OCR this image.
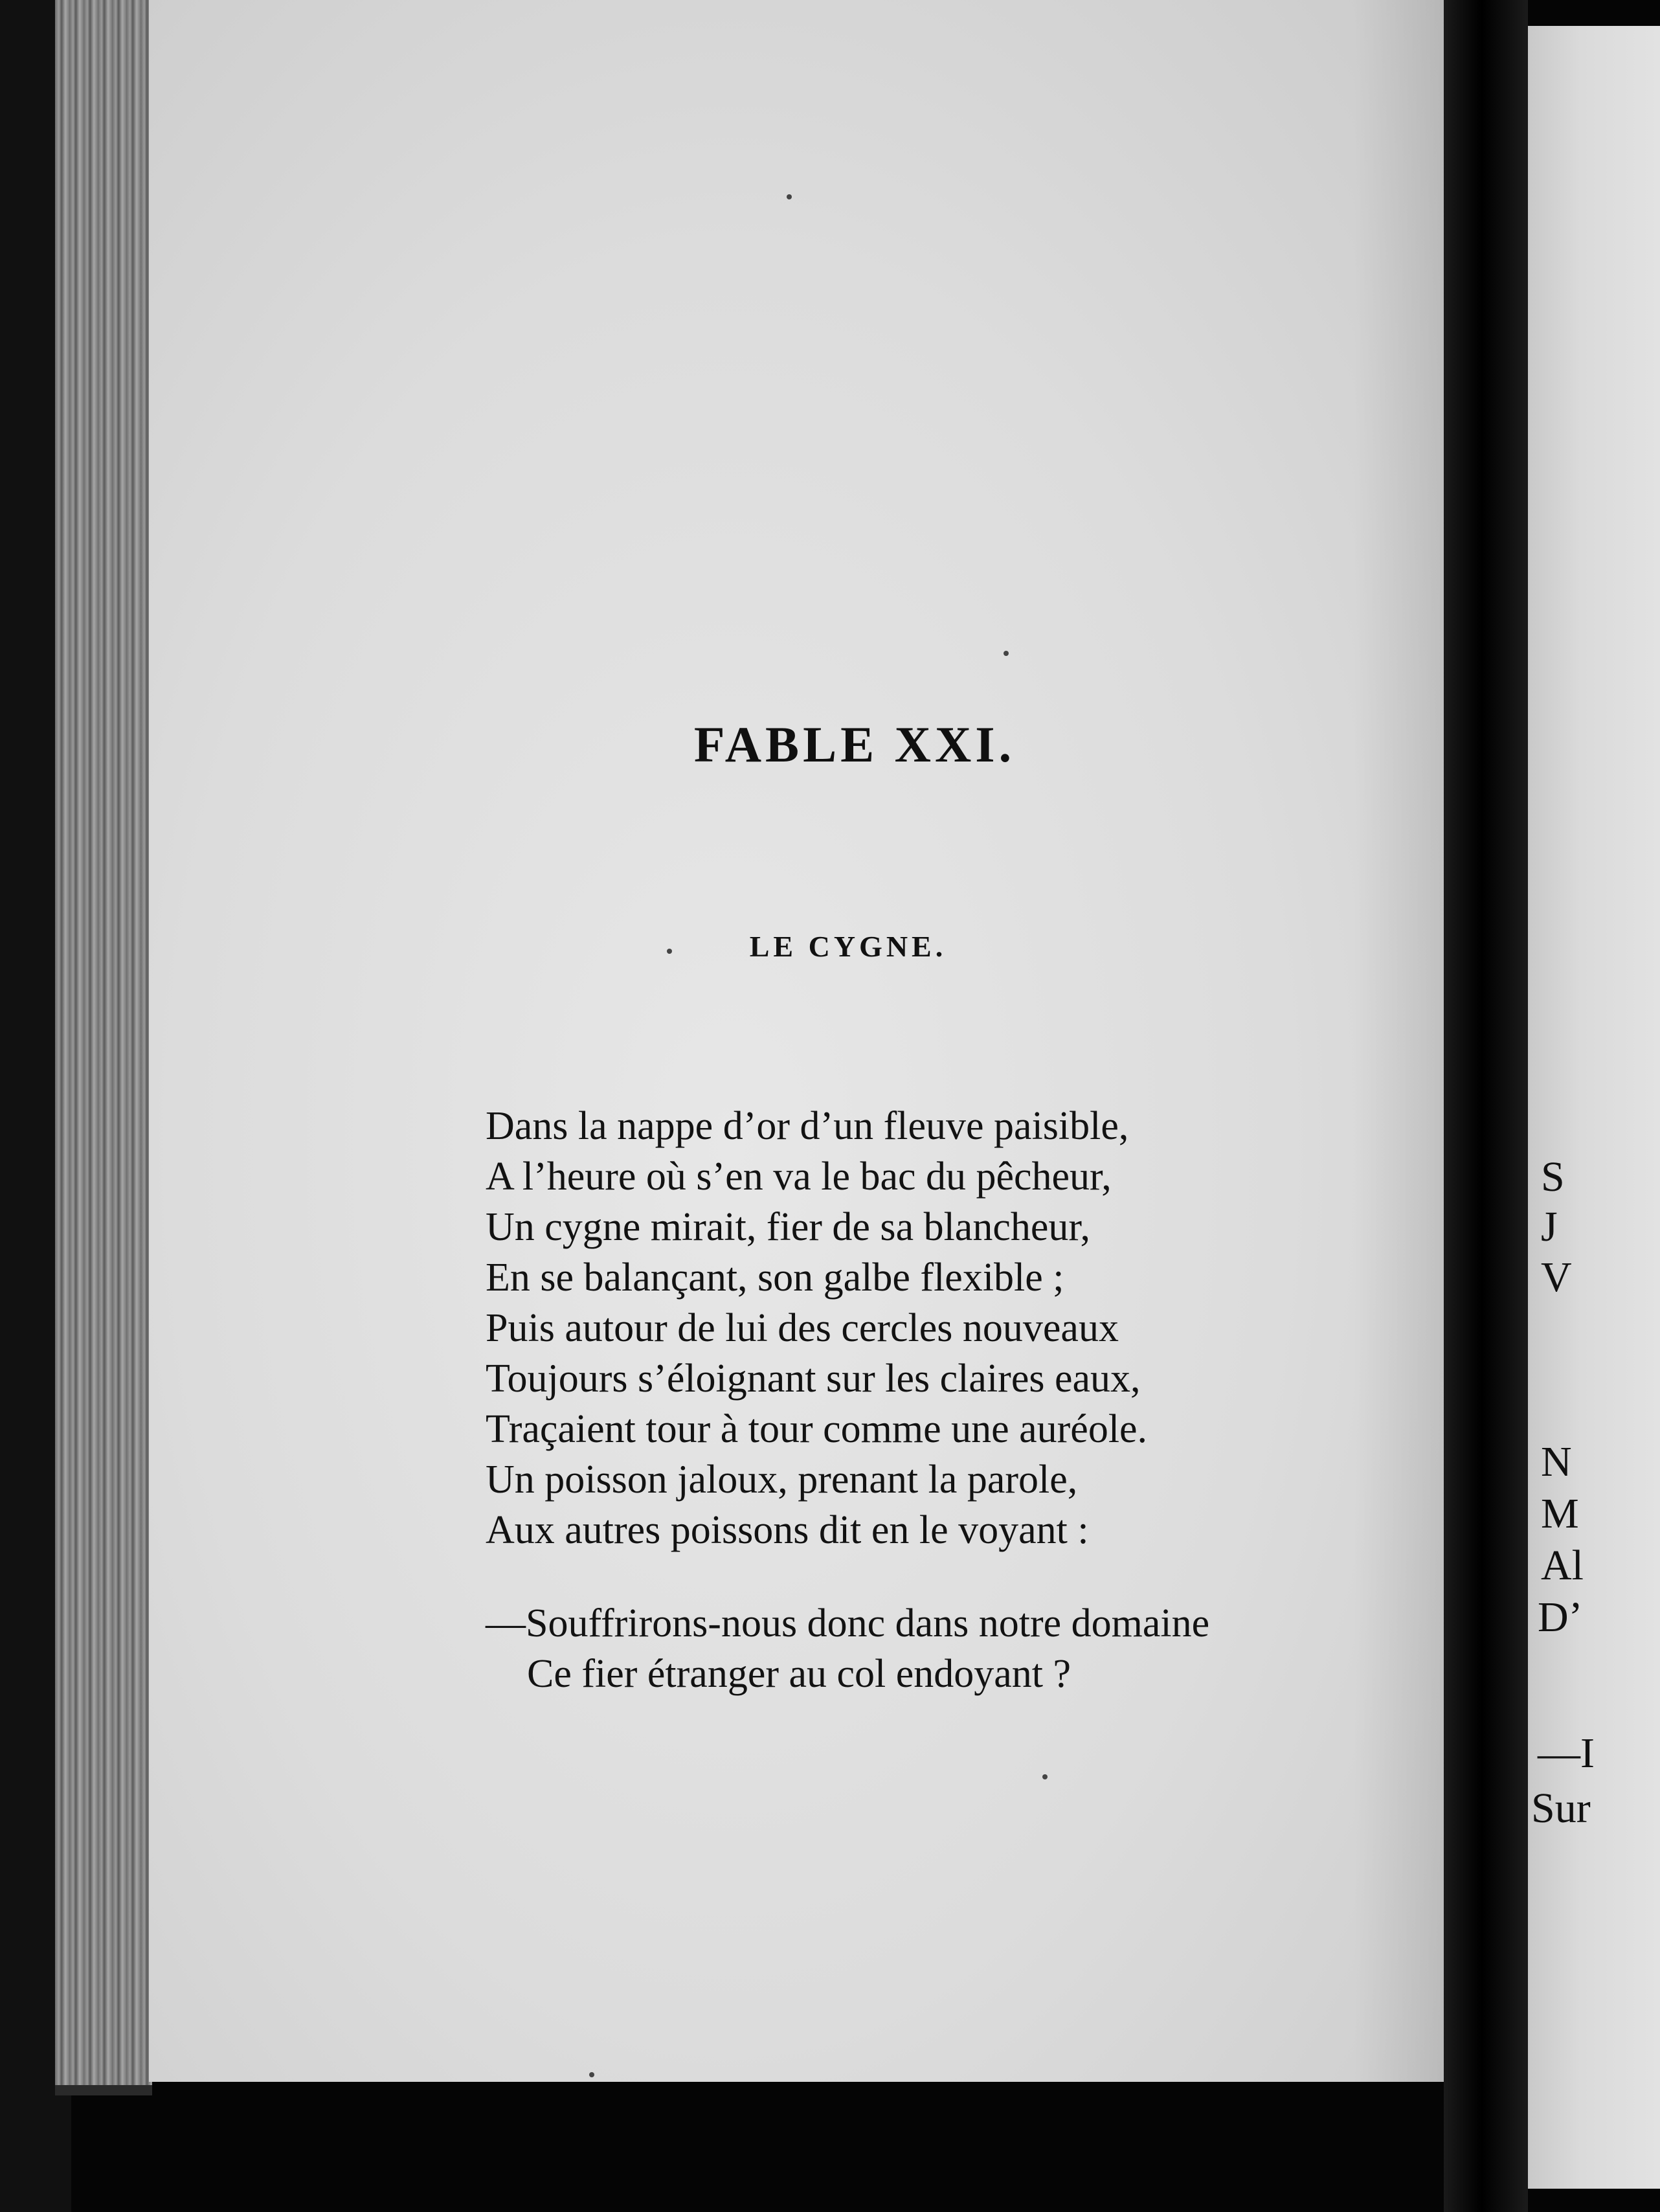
FABLE XXI.
LE CYGNE.
Dans la nappe d’or d’un fleuve paisible,
A l’heure où s’en va le bac du pêcheur,
Un cygne mirait, fier de sa blancheur,
En se balançant, son galbe flexible ;
Puis autour de lui des cercles nouveaux
Toujours s’éloignant sur les claires eaux,
Traçaient tour à tour comme une auréole.
Un poisson jaloux, prenant la parole,
Aux autres poissons dit en le voyant :
—Souffrirons-nous donc dans notre domaine
Ce fier étranger au col endoyant ?
S
J
V
N
M
Al
D’
—I
Sur
